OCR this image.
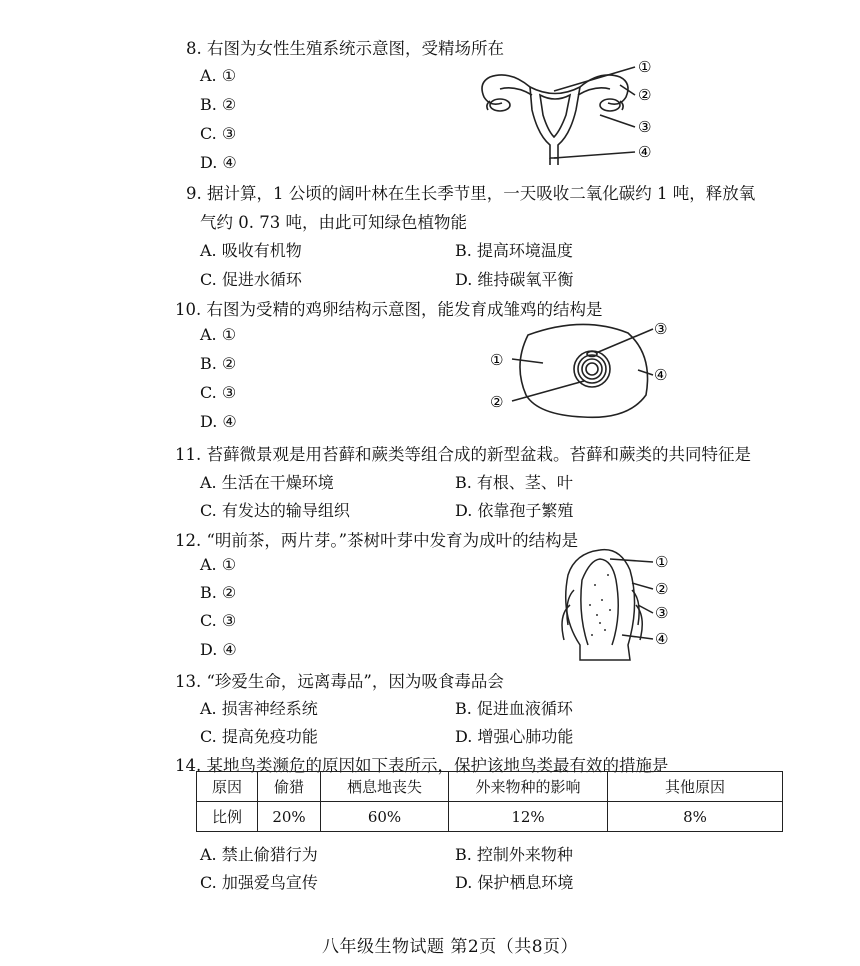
8. 右图为女性生殖系统示意图，受精场所在
A. ①
B. ②
C. ③
D. ④
①
②
③
④
9. 据计算，1 公顷的阔叶林在生长季节里，一天吸收二氧化碳约 1 吨，释放氧
气约 0. 73 吨，由此可知绿色植物能
A. 吸收有机物	B. 提高环境温度
C. 促进水循环	D. 维持碳氧平衡
10. 右图为受精的鸡卵结构示意图，能发育成雏鸡的结构是
A. ①
B. ②
C. ③
D. ④
①
②
③
④
11. 苔藓微景观是用苔藓和蕨类等组合成的新型盆栽。苔藓和蕨类的共同特征是
A. 生活在干燥环境	B. 有根、茎、叶
C. 有发达的输导组织	D. 依靠孢子繁殖
12. “明前茶，两片芽。”茶树叶芽中发育为成叶的结构是
A. ①
B. ②
C. ③
D. ④
①
②
③
④
13. “珍爱生命，远离毒品”，因为吸食毒品会
A. 损害神经系统	B. 促进血液循环
C. 提高免疫功能	D. 增强心肺功能
14. 某地鸟类濒危的原因如下表所示，保护该地鸟类最有效的措施是
原因	偷猎	栖息地丧失	外来物种的影响	其他原因
比例	20%	60%	12%	8%
A. 禁止偷猎行为	B. 控制外来物种
C. 加强爱鸟宣传	D. 保护栖息环境
八年级生物试题 第2页（共8页）
